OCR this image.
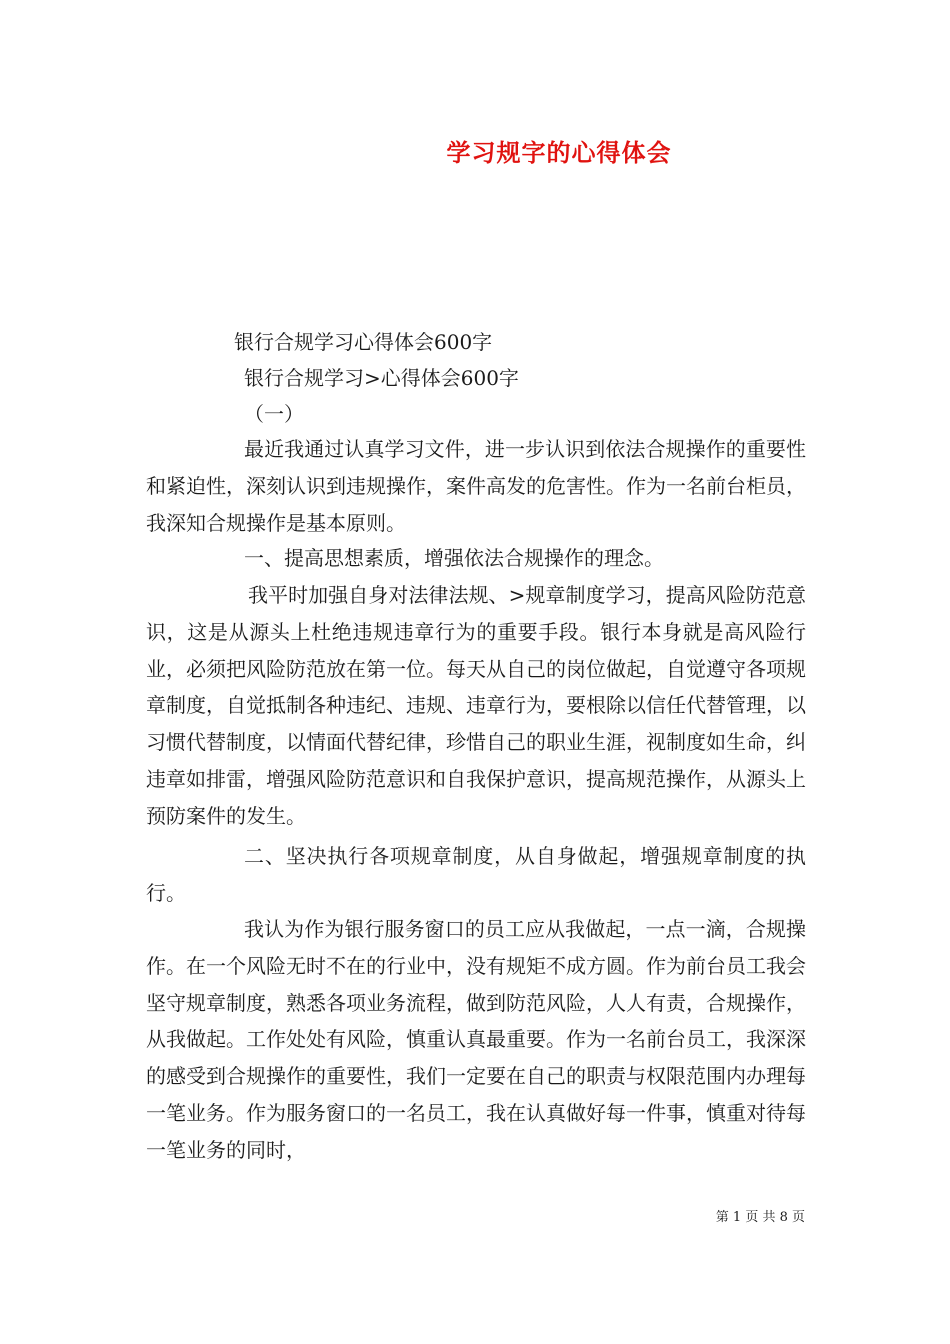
学习规字的心得体会

银行合规学习心得体会600字

银行合规学习>心得体会600字

（一）

最近我通过认真学习文件，进一步认识到依法合规操作的重要性和紧迫性，深刻认识到违规操作，案件高发的危害性。作为一名前台柜员，我深知合规操作是基本原则。

一、提高思想素质，增强依法合规操作的理念。

我平时加强自身对法律法规、>规章制度学习，提高风险防范意识，这是从源头上杜绝违规违章行为的重要手段。银行本身就是高风险行业，必须把风险防范放在第一位。每天从自己的岗位做起，自觉遵守各项规章制度，自觉抵制各种违纪、违规、违章行为，要根除以信任代替管理，以习惯代替制度，以情面代替纪律，珍惜自己的职业生涯，视制度如生命，纠违章如排雷，增强风险防范意识和自我保护意识，提高规范操作，从源头上预防案件的发生。

二、坚决执行各项规章制度，从自身做起，增强规章制度的执行。

我认为作为银行服务窗口的员工应从我做起，一点一滴，合规操作。在一个风险无时不在的行业中，没有规矩不成方圆。作为前台员工我会坚守规章制度，熟悉各项业务流程，做到防范风险，人人有责，合规操作，从我做起。工作处处有风险，慎重认真最重要。作为一名前台员工，我深深的感受到合规操作的重要性，我们一定要在自己的职责与权限范围内办理每一笔业务。作为服务窗口的一名员工，我在认真做好每一件事，慎重对待每一笔业务的同时，

第 1 页 共 8 页
